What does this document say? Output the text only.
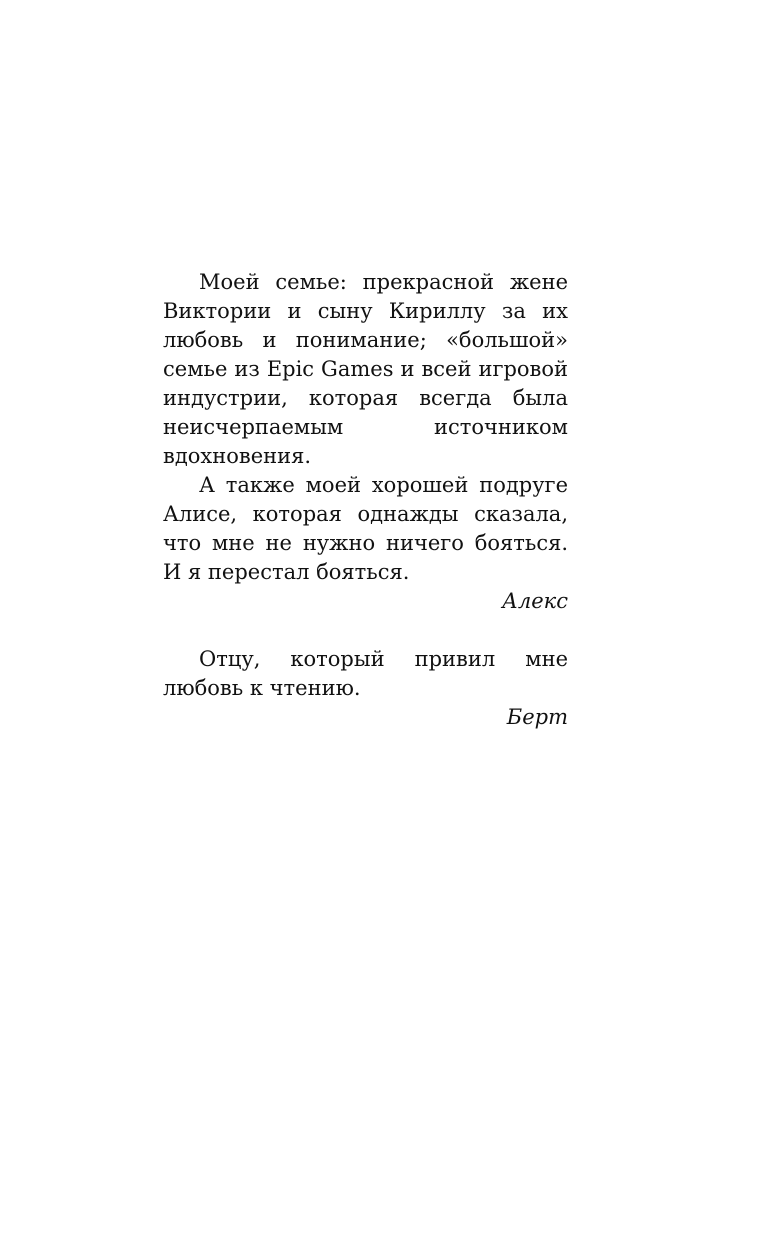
Моей семье: прекрасной жене Виктории и сыну Кириллу за их любовь и понимание; «большой» семье из Epic Games и всей игровой индустрии, которая всегда была неисчерпаемым источником вдохновения.

А также моей хорошей подруге Алисе, которая однажды сказала, что мне не нужно ничего бояться. И я перестал бояться.

Алекс

Отцу, который привил мне любовь к чтению.

Берт
